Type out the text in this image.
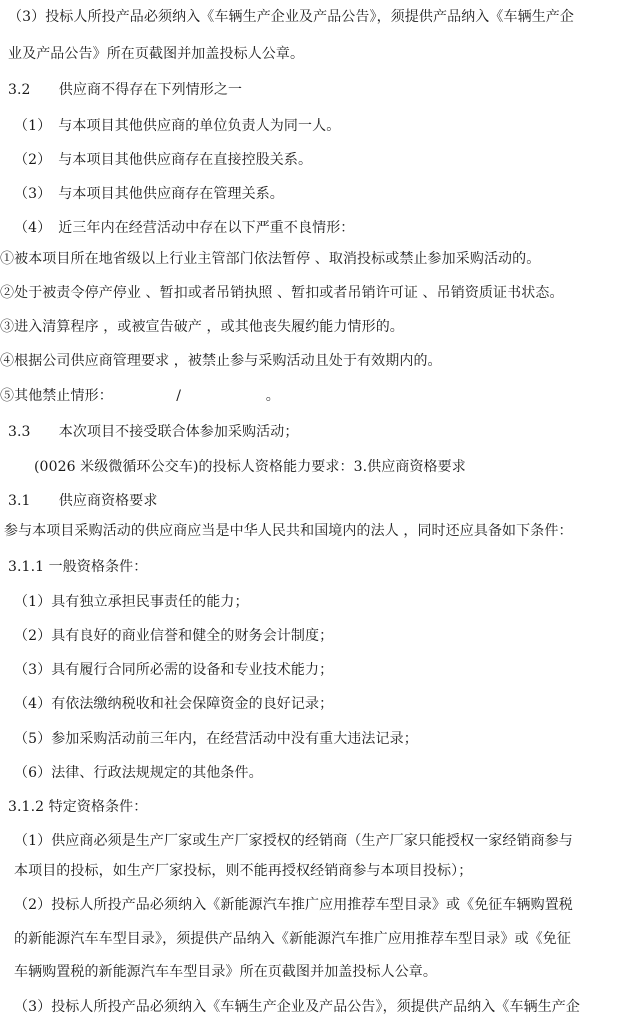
（3）投标人所投产品必须纳入《车辆生产企业及产品公告》，须提供产品纳入《车辆生产企
业及产品公告》所在页截图并加盖投标人公章。
3.2　　供应商不得存在下列情形之一
（1）　与本项目其他供应商的单位负责人为同一人。
（2）　与本项目其他供应商存在直接控股关系。
（3）　与本项目其他供应商存在管理关系。
（4）　近三年内在经营活动中存在以下严重不良情形：
①被本项目所在地省级以上行业主管部门依法暂停 、取消投标或禁止参加采购活动的。
②处于被责令停产停业 、暂扣或者吊销执照 、暂扣或者吊销许可证 、吊销资质证书状态。
③进入清算程序 ，或被宣告破产 ，或其他丧失履约能力情形的。
④根据公司供应商管理要求 ，被禁止参与采购活动且处于有效期内的。
⑤其他禁止情形：　　　　　/　　　　　　。
3.3　　本次项目不接受联合体参加采购活动；
(0026 米级微循环公交车)的投标人资格能力要求：3.供应商资格要求
3.1　　供应商资格要求
参与本项目采购活动的供应商应当是中华人民共和国境内的法人 ，同时还应具备如下条件：
3.1.1 一般资格条件：
（1）具有独立承担民事责任的能力；
（2）具有良好的商业信誉和健全的财务会计制度；
（3）具有履行合同所必需的设备和专业技术能力；
（4）有依法缴纳税收和社会保障资金的良好记录；
（5）参加采购活动前三年内，在经营活动中没有重大违法记录；
（6）法律、行政法规规定的其他条件。
3.1.2 特定资格条件：
（1）供应商必须是生产厂家或生产厂家授权的经销商（生产厂家只能授权一家经销商参与
本项目的投标，如生产厂家投标，则不能再授权经销商参与本项目投标）；
（2）投标人所投产品必须纳入《新能源汽车推广应用推荐车型目录》或《免征车辆购置税
的新能源汽车车型目录》，须提供产品纳入《新能源汽车推广应用推荐车型目录》或《免征
车辆购置税的新能源汽车车型目录》所在页截图并加盖投标人公章。
（3）投标人所投产品必须纳入《车辆生产企业及产品公告》，须提供产品纳入《车辆生产企
